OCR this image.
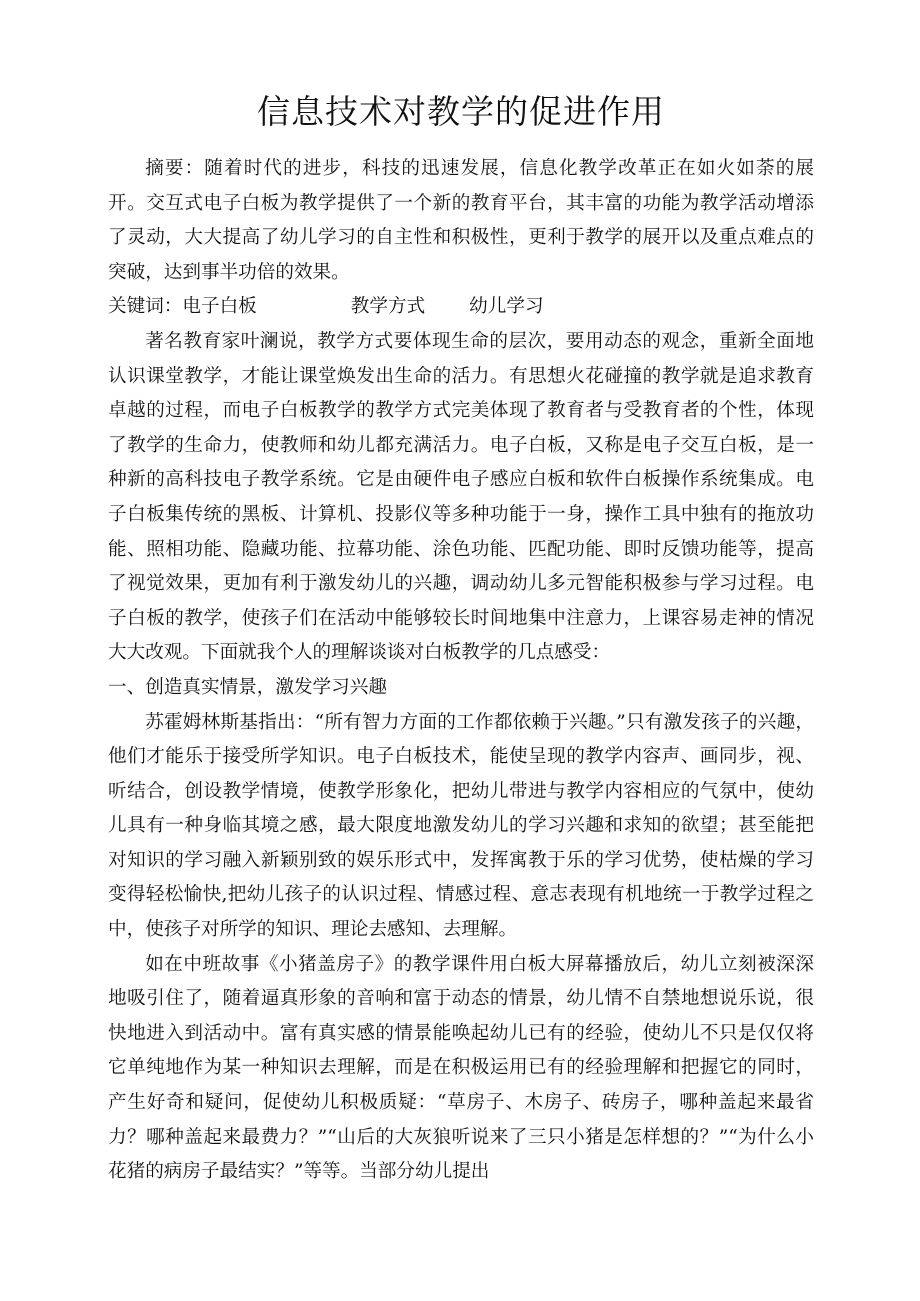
信息技术对教学的促进作用

摘要：随着时代的进步，科技的迅速发展，信息化教学改革正在如火如荼的展开。交互式电子白板为教学提供了一个新的教育平台，其丰富的功能为教学活动增添了灵动，大大提高了幼儿学习的自主性和积极性，更利于教学的展开以及重点难点的突破，达到事半功倍的效果。

关键词：电子白板	教学方式 幼儿学习

著名教育家叶澜说，教学方式要体现生命的层次，要用动态的观念，重新全面地认识课堂教学，才能让课堂焕发出生命的活力。有思想火花碰撞的教学就是追求教育卓越的过程，而电子白板教学的教学方式完美体现了教育者与受教育者的个性，体现了教学的生命力，使教师和幼儿都充满活力。电子白板，又称是电子交互白板，是一种新的高科技电子教学系统。它是由硬件电子感应白板和软件白板操作系统集成。电子白板集传统的黑板、计算机、投影仪等多种功能于一身，操作工具中独有的拖放功能、照相功能、隐藏功能、拉幕功能、涂色功能、匹配功能、即时反馈功能等，提高了视觉效果，更加有利于激发幼儿的兴趣，调动幼儿多元智能积极参与学习过程。电子白板的教学，使孩子们在活动中能够较长时间地集中注意力，上课容易走神的情况大大改观。下面就我个人的理解谈谈对白板教学的几点感受：

一、创造真实情景，激发学习兴趣

苏霍姆林斯基指出：“所有智力方面的工作都依赖于兴趣。”只有激发孩子的兴趣，他们才能乐于接受所学知识。电子白板技术，能使呈现的教学内容声、画同步，视、听结合，创设教学情境，使教学形象化，把幼儿带进与教学内容相应的气氛中，使幼儿具有一种身临其境之感，最大限度地激发幼儿的学习兴趣和求知的欲望；甚至能把对知识的学习融入新颖别致的娱乐形式中，发挥寓教于乐的学习优势，使枯燥的学习变得轻松愉快,把幼儿孩子的认识过程、情感过程、意志表现有机地统一于教学过程之中，使孩子对所学的知识、理论去感知、去理解。

如在中班故事《小猪盖房子》的教学课件用白板大屏幕播放后，幼儿立刻被深深地吸引住了，随着逼真形象的音响和富于动态的情景，幼儿情不自禁地想说乐说，很快地进入到活动中。富有真实感的情景能唤起幼儿已有的经验，使幼儿不只是仅仅将它单纯地作为某一种知识去理解，而是在积极运用已有的经验理解和把握它的同时，产生好奇和疑问，促使幼儿积极质疑：“草房子、木房子、砖房子，哪种盖起来最省力？哪种盖起来最费力？”“山后的大灰狼听说来了三只小猪是怎样想的？”“为什么小花猪的病房子最结实？”等等。当部分幼儿提出
